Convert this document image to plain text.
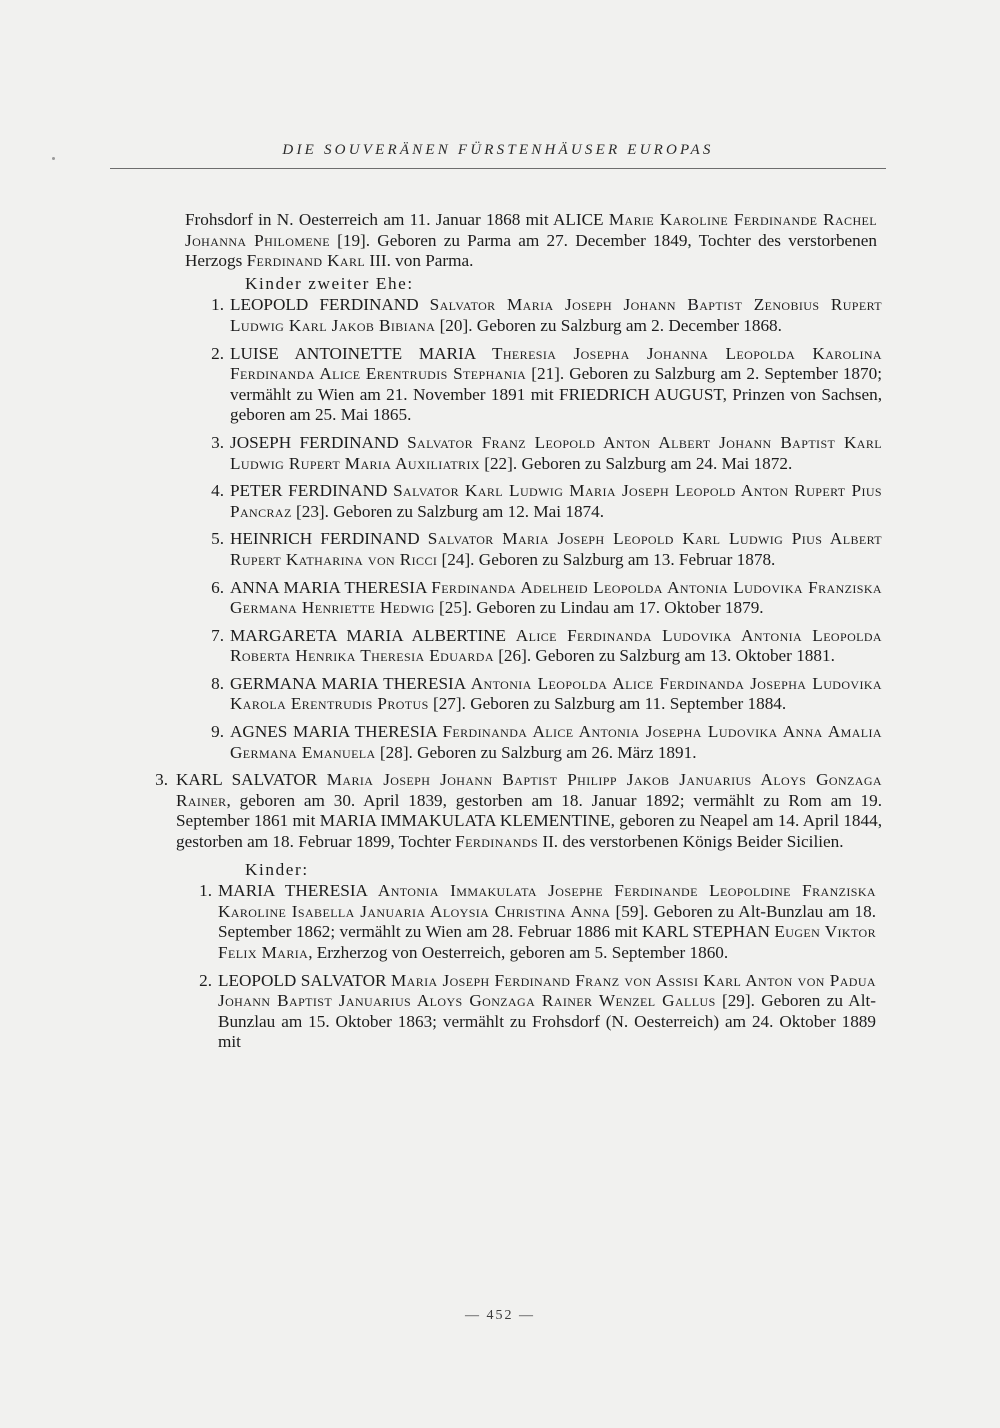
DIE SOUVERÄNEN FÜRSTENHÄUSER EUROPAS

Frohsdorf in N. Oesterreich am 11. Januar 1868 mit ALICE Marie Karoline Ferdinande Rachel Johanna Philomene [19]. Geboren zu Parma am 27. December 1849, Tochter des verstorbenen Herzogs Ferdinand Karl III. von Parma.

Kinder zweiter Ehe:
1. LEOPOLD FERDINAND Salvator Maria Joseph Johann Baptist Zenobius Rupert Ludwig Karl Jakob Bibiana [20]. Geboren zu Salzburg am 2. December 1868.
2. LUISE ANTOINETTE MARIA Theresia Josepha Johanna Leopolda Karolina Ferdinanda Alice Erentrudis Stephania [21]. Geboren zu Salzburg am 2. September 1870; vermählt zu Wien am 21. November 1891 mit FRIEDRICH AUGUST, Prinzen von Sachsen, geboren am 25. Mai 1865.
3. JOSEPH FERDINAND Salvator Franz Leopold Anton Albert Johann Baptist Karl Ludwig Rupert Maria Auxiliatrix [22]. Geboren zu Salzburg am 24. Mai 1872.
4. PETER FERDINAND Salvator Karl Ludwig Maria Joseph Leopold Anton Rupert Pius Pancraz [23]. Geboren zu Salzburg am 12. Mai 1874.
5. HEINRICH FERDINAND Salvator Maria Joseph Leopold Karl Ludwig Pius Albert Rupert Katharina von Ricci [24]. Geboren zu Salzburg am 13. Februar 1878.
6. ANNA MARIA THERESIA Ferdinanda Adelheid Leopolda Antonia Ludovika Franziska Germana Henriette Hedwig [25]. Geboren zu Lindau am 17. Oktober 1879.
7. MARGARETA MARIA ALBERTINE Alice Ferdinanda Ludovika Antonia Leopolda Roberta Henrika Theresia Eduarda [26]. Geboren zu Salzburg am 13. Oktober 1881.
8. GERMANA MARIA THERESIA Antonia Leopolda Alice Ferdinanda Josepha Ludovika Karola Erentrudis Protus [27]. Geboren zu Salzburg am 11. September 1884.
9. AGNES MARIA THERESIA Ferdinanda Alice Antonia Josepha Ludovika Anna Amalia Germana Emanuela [28]. Geboren zu Salzburg am 26. März 1891.
3. KARL SALVATOR Maria Joseph Johann Baptist Philipp Jakob Januarius Aloys Gonzaga Rainer, geboren am 30. April 1839, gestorben am 18. Januar 1892; vermählt zu Rom am 19. September 1861 mit MARIA IMMAKULATA KLEMENTINE, geboren zu Neapel am 14. April 1844, gestorben am 18. Februar 1899, Tochter Ferdinands II. des verstorbenen Königs Beider Sicilien.
Kinder:
1. MARIA THERESIA Antonia Immakulata Josephe Ferdinande Leopoldine Franziska Karoline Isabella Januaria Aloysia Christina Anna [59]. Geboren zu Alt-Bunzlau am 18. September 1862; vermählt zu Wien am 28. Februar 1886 mit KARL STEPHAN Eugen Viktor Felix Maria, Erzherzog von Oesterreich, geboren am 5. September 1860.
2. LEOPOLD SALVATOR Maria Joseph Ferdinand Franz von Assisi Karl Anton von Padua Johann Baptist Januarius Aloys Gonzaga Rainer Wenzel Gallus [29]. Geboren zu Alt-Bunzlau am 15. Oktober 1863; vermählt zu Frohsdorf (N. Oesterreich) am 24. Oktober 1889 mit
— 452 —
